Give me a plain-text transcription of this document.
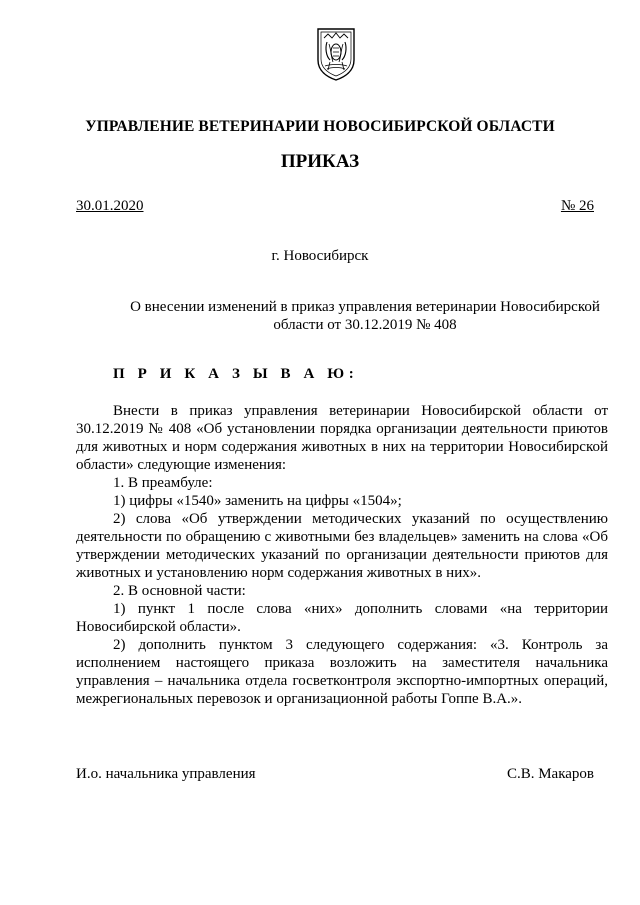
УПРАВЛЕНИЕ ВЕТЕРИНАРИИ НОВОСИБИРСКОЙ ОБЛАСТИ
ПРИКАЗ
30.01.2020	№ 26
г. Новосибирск
О внесении изменений в приказ управления ветеринарии Новосибирской области от 30.12.2019 № 408
П Р И К А З Ы В А Ю:

Внести в приказ управления ветеринарии Новосибирской области от 30.12.2019 № 408 «Об установлении порядка организации деятельности приютов для животных и норм содержания животных в них на территории Новосибирской области» следующие изменения:

1. В преамбуле:

1) цифры «1540» заменить на цифры «1504»;

2) слова «Об утверждении методических указаний по осуществлению деятельности по обращению с животными без владельцев» заменить на слова «Об утверждении методических указаний по организации деятельности приютов для животных и установлению норм содержания животных в них».

2. В основной части:

1) пункт 1 после слова «них» дополнить словами «на территории Новосибирской области».

2) дополнить пунктом 3 следующего содержания: «3. Контроль за исполнением настоящего приказа возложить на заместителя начальника управления – начальника отдела госветконтроля экспортно-импортных операций, межрегиональных перевозок и организационной работы Гоппе В.А.».

И.о. начальника управления	С.В. Макаров
